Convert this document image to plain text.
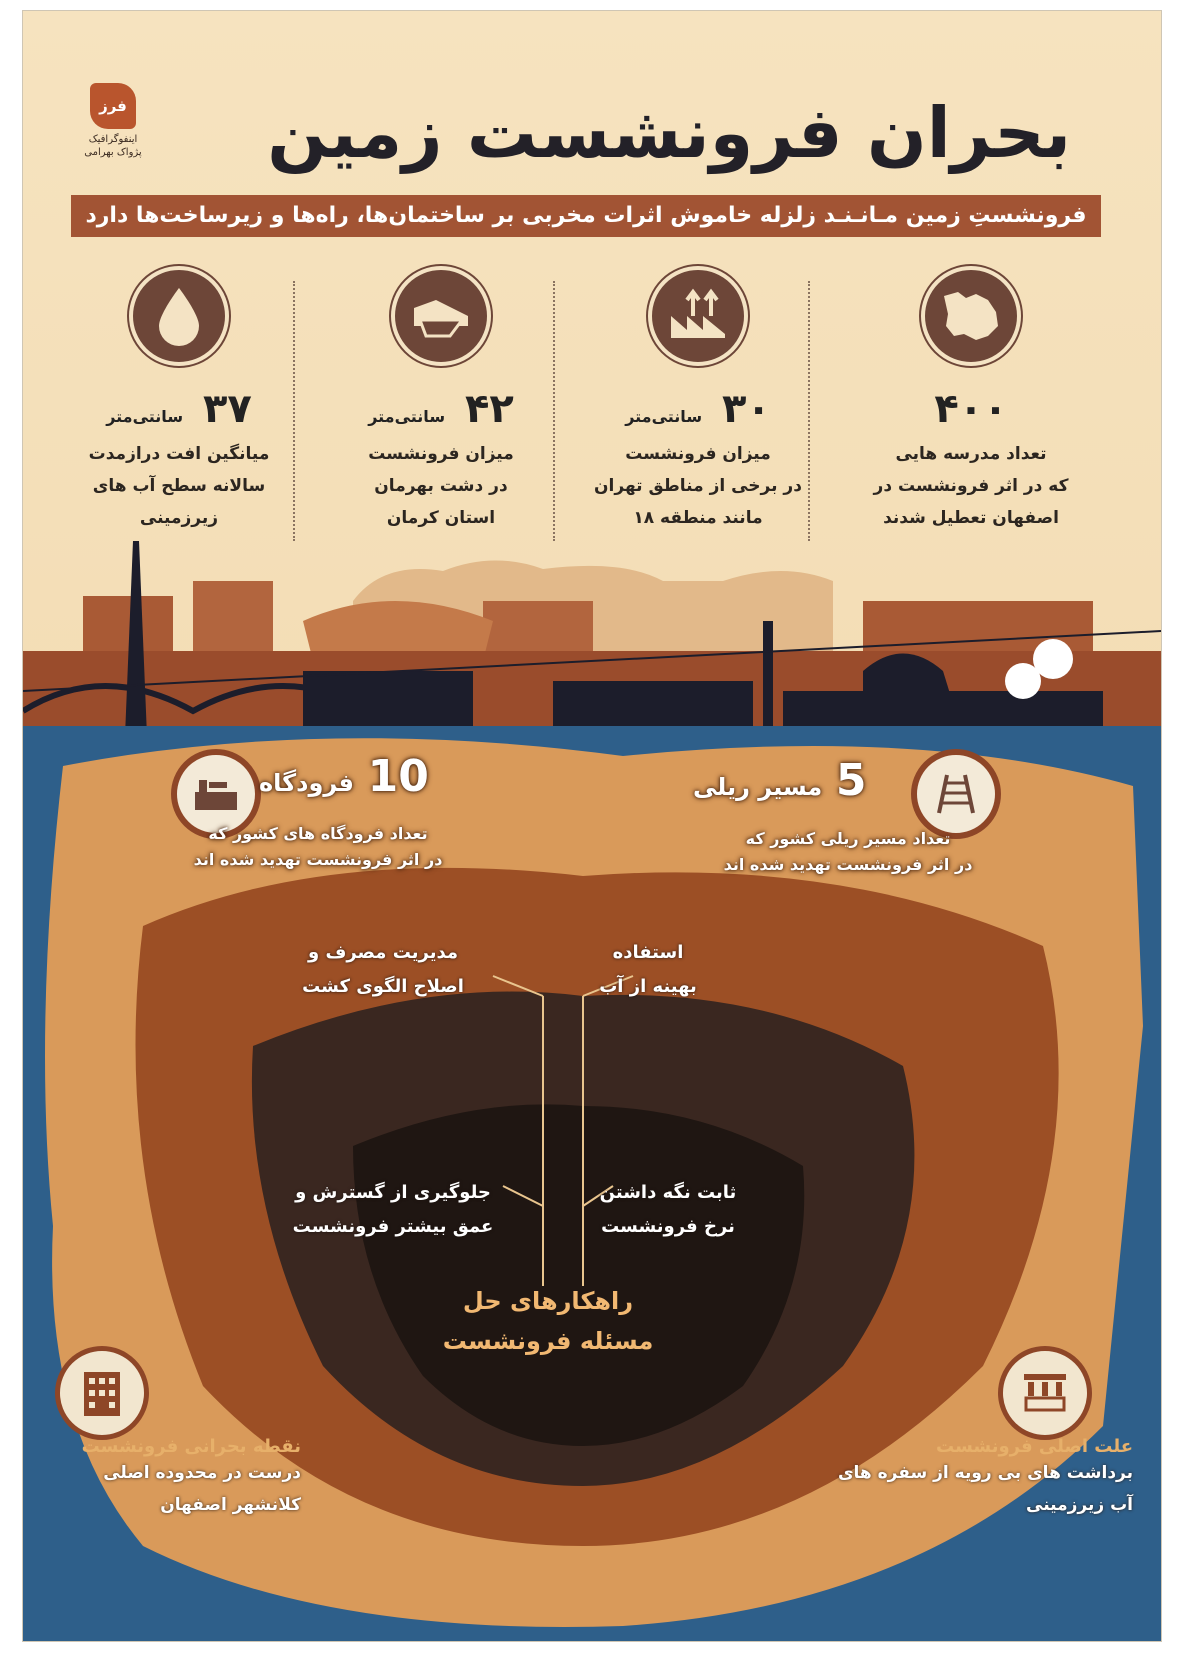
فرز
اینفوگرافیک
پژواک بهرامی	بحران فرونشست زمین
فرونشستِ زمین مـانـنـد زلزله خاموش اثرات مخربی بر ساختمان‌ها، راه‌ها و زیرساخت‌ها دارد
۴۰۰
تعداد مدرسه هایی
که در اثر فرونشست در
اصفهان تعطیل شدند
۳۰ سانتی‌متر
میزان فرونشست
در برخی از مناطق تهران
مانند منطقه ۱۸
۴۲ سانتی‌متر
میزان فرونشست
در دشت بهرمان
استان کرمان
۳۷ سانتی‌متر
میانگین افت درازمدت
سالانه سطح آب های
زیرزمینی
10 فرودگاه
تعداد فرودگاه های کشور که
در اثر فرونشست تهدید شده اند
5 مسیر ریلی
تعداد مسیر ریلی کشور که
در اثر فرونشست تهدید شده اند
مدیریت مصرف و
اصلاح الگوی کشت
استفاده
بهینه از آب
جلوگیری از گسترش و
عمق بیشتر فرونشست
ثابت نگه داشتن
نرخ فرونشست
راهکارهای حل
مسئله فرونشست
نقطه بحرانی فرونشست
درست در محدوده اصلی
کلانشهر اصفهان
علت اصلی فرونشست
برداشت های بی رویه از سفره های
آب زیرزمینی
